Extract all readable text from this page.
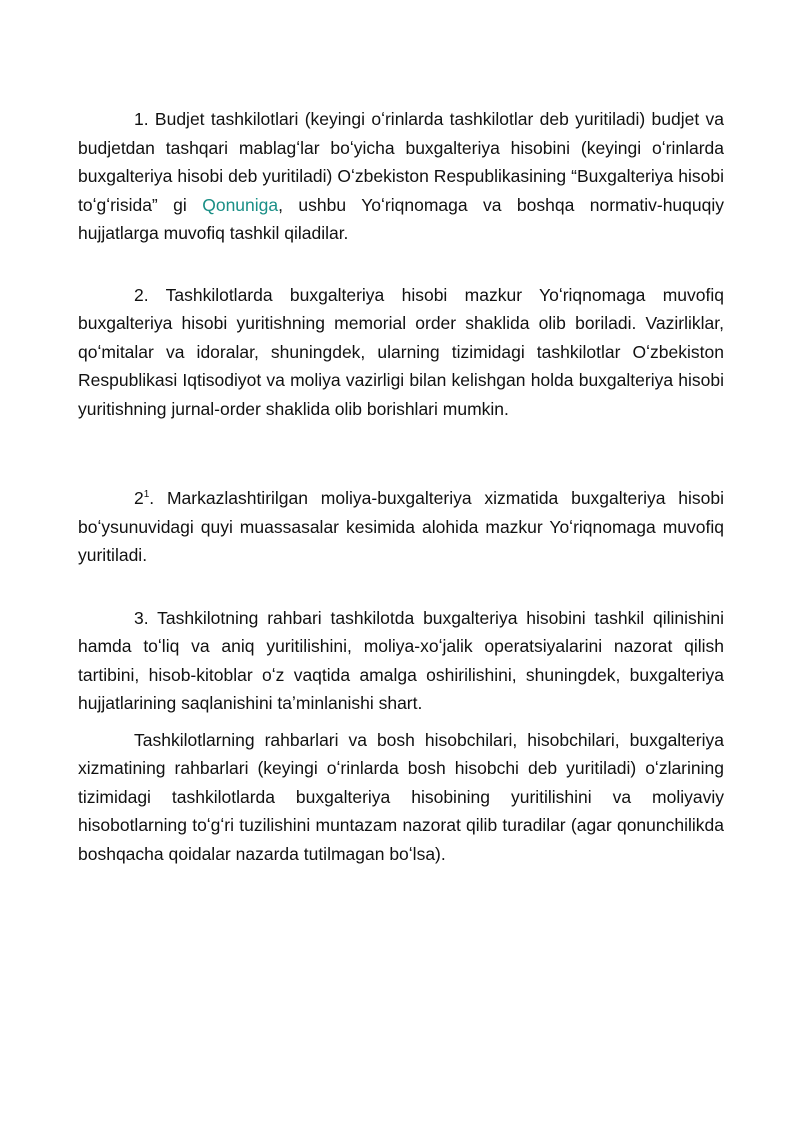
1. Budjet tashkilotlari (keyingi oʻrinlarda tashkilotlar deb yuritiladi) budjet va budjetdan tashqari mablagʻlar boʻyicha buxgalteriya hisobini (keyingi oʻrinlarda buxgalteriya hisobi deb yuritiladi) Oʻzbekiston Respublikasining “Buxgalteriya hisobi toʻgʻrisida” gi Qonuniga, ushbu Yoʻriqnomaga va boshqa normativ-huquqiy hujjatlarga muvofiq tashkil qiladilar.

2. Tashkilotlarda buxgalteriya hisobi mazkur Yoʻriqnomaga muvofiq buxgalteriya hisobi yuritishning memorial order shaklida olib boriladi. Vazirliklar, qoʻmitalar va idoralar, shuningdek, ularning tizimidagi tashkilotlar Oʻzbekiston Respublikasi Iqtisodiyot va moliya vazirligi bilan kelishgan holda buxgalteriya hisobi yuritishning jurnal-order shaklida olib borishlari mumkin.

$2^1$. Markazlashtirilgan moliya-buxgalteriya xizmatida buxgalteriya hisobi boʻysunuvidagi quyi muassasalar kesimida alohida mazkur Yoʻriqnomaga muvofiq yuritiladi.

3. Tashkilotning rahbari tashkilotda buxgalteriya hisobini tashkil qilinishini hamda toʻliq va aniq yuritilishini, moliya-xoʻjalik operatsiyalarini nazorat qilish tartibini, hisob-kitoblar oʻz vaqtida amalga oshirilishini, shuningdek, buxgalteriya hujjatlarining saqlanishini taʼminlanishi shart.

Tashkilotlarning rahbarlari va bosh hisobchilari, hisobchilari, buxgalteriya xizmatining rahbarlari (keyingi oʻrinlarda bosh hisobchi deb yuritiladi) oʻzlarining tizimidagi tashkilotlarda buxgalteriya hisobining yuritilishini va moliyaviy hisobotlarning toʻgʻri tuzilishini muntazam nazorat qilib turadilar (agar qonunchilikda boshqacha qoidalar nazarda tutilmagan boʻlsa).
